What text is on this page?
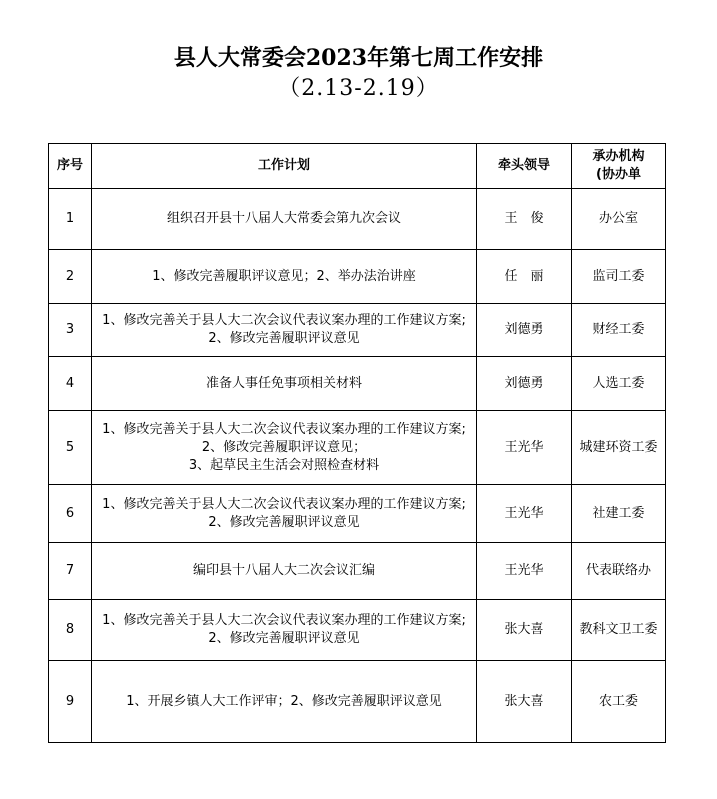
县人大常委会2023年第七周工作安排
（2.13-2.19）
序号	工作计划	牵头领导	承办机构
(协办单

1	组织召开县十八届人大常委会第九次会议	王　俊	办公室
2	1、修改完善履职评议意见；2、举办法治讲座	任　丽	监司工委
3	1、修改完善关于县人大二次会议代表议案办理的工作建议方案;
2、修改完善履职评议意见	刘德勇	财经工委
4	准备人事任免事项相关材料	刘德勇	人选工委
5	1、修改完善关于县人大二次会议代表议案办理的工作建议方案;
2、修改完善履职评议意见；
3、起草民主生活会对照检查材料	王光华	城建环资工委
6	1、修改完善关于县人大二次会议代表议案办理的工作建议方案;
2、修改完善履职评议意见	王光华	社建工委
7	编印县十八届人大二次会议汇编	王光华	代表联络办
8	1、修改完善关于县人大二次会议代表议案办理的工作建议方案;
2、修改完善履职评议意见	张大喜	教科文卫工委
9	1、开展乡镇人大工作评审；2、修改完善履职评议意见	张大喜	农工委
